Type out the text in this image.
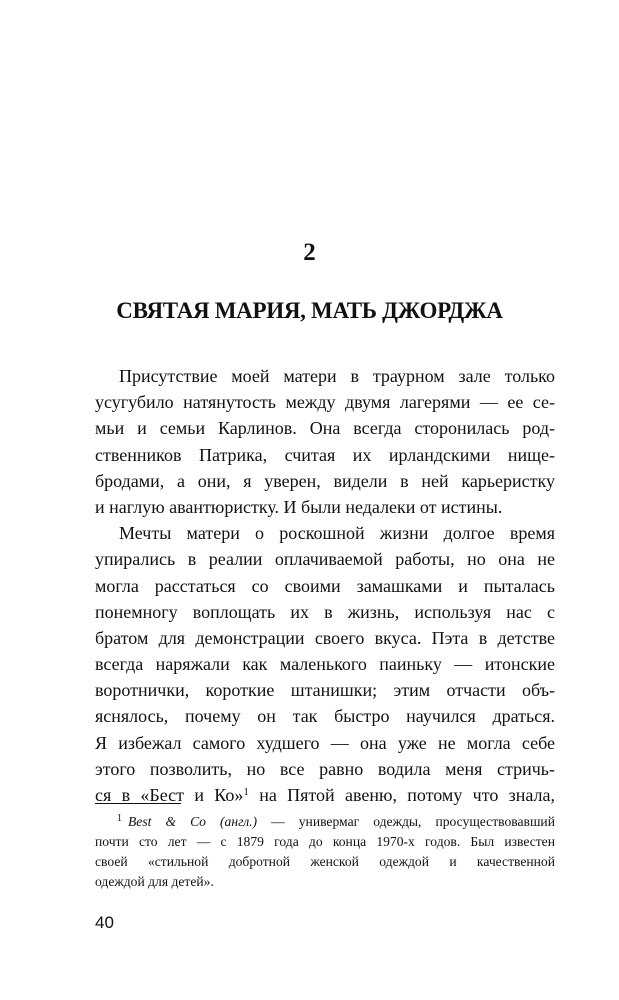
2
СВЯТАЯ МАРИЯ, МАТЬ ДЖОРДЖА
Присутствие моей матери в траурном зале только
усугубило натянутость между двумя лагерями — ее се-
мьи и семьи Карлинов. Она всегда сторонилась род-
ственников Патрика, считая их ирландскими нище-
бродами, а они, я уверен, видели в ней карьеристку
и наглую авантюристку. И были недалеки от истины.
Мечты матери о роскошной жизни долгое время
упирались в реалии оплачиваемой работы, но она не
могла расстаться со своими замашками и пыталась
понемногу воплощать их в жизнь, используя нас с
братом для демонстрации своего вкуса. Пэта в детстве
всегда наряжали как маленького паиньку — итонские
воротнички, короткие штанишки; этим отчасти объ-
яснялось, почему он так быстро научился драться.
Я избежал самого худшего — она уже не могла себе
этого позволить, но все равно водила меня стричь-
ся в «Бест и Ко»$^1$ на Пятой авеню, потому что знала,
$^1$ Best & Co (англ.) — универмаг одежды, просуществовавший
почти сто лет — с 1879 года до конца 1970-х годов. Был известен
своей «стильной добротной женской одеждой и качественной
одеждой для детей».
40
